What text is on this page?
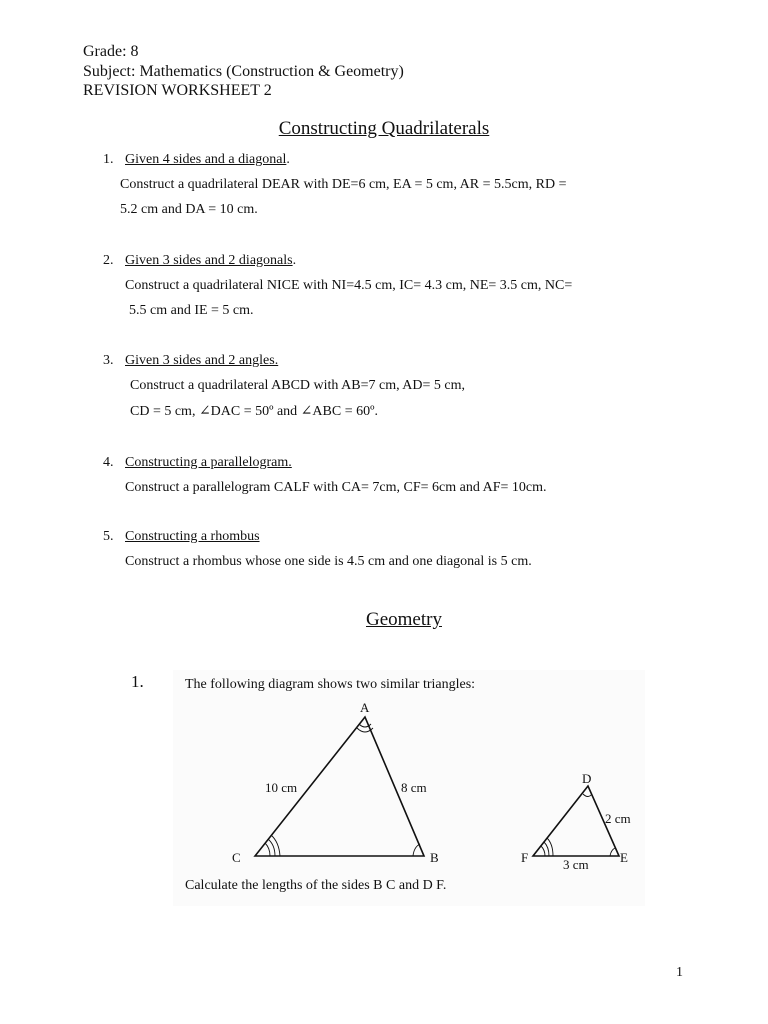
Grade: 8
Subject: Mathematics (Construction & Geometry)
REVISION WORKSHEET 2
Constructing Quadrilaterals
1. Given 4 sides and a diagonal.
Construct a quadrilateral DEAR with DE=6 cm, EA = 5 cm, AR = 5.5cm, RD =
5.2 cm and DA = 10 cm.
2. Given 3 sides and 2 diagonals.
Construct a quadrilateral NICE with NI=4.5 cm, IC= 4.3 cm, NE= 3.5 cm, NC=
5.5 cm and IE = 5 cm.
3. Given 3 sides and 2 angles.
Construct a quadrilateral ABCD with AB=7 cm, AD= 5 cm,
CD = 5 cm, ∠DAC = 50º and ∠ABC = 60º.
4. Constructing a parallelogram.
Construct a parallelogram CALF with CA= 7cm, CF= 6cm and AF= 10cm.
5. Constructing a rhombus
Construct a rhombus whose one side is 4.5 cm and one diagonal is 5 cm.
Geometry
1.	The following diagram shows two similar triangles:
A
C	B
10 cm	8 cm
D
F	E
2 cm
3 cm
Calculate the lengths of the sides B C and D F.
1
